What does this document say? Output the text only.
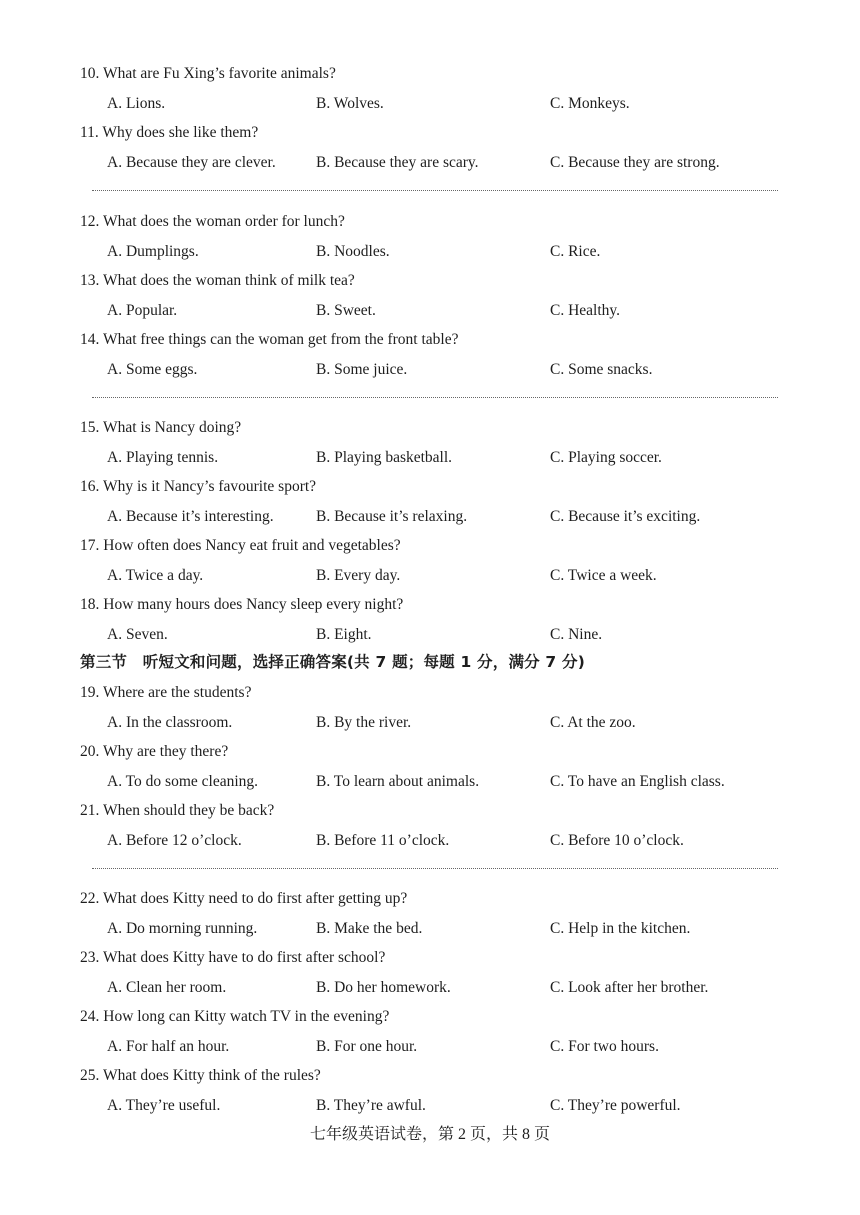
10. What are Fu Xing’s favorite animals?
A. Lions.	B. Wolves.	C. Monkeys.
11. Why does she like them?
A. Because they are clever.	B. Because they are scary.	C. Because they are strong.
12. What does the woman order for lunch?
A. Dumplings.	B. Noodles.	C. Rice.
13. What does the woman think of milk tea?
A. Popular.	B. Sweet.	C. Healthy.
14. What free things can the woman get from the front table?
A. Some eggs.	B. Some juice.	C. Some snacks.
15. What is Nancy doing?
A. Playing tennis.	B. Playing basketball.	C. Playing soccer.
16. Why is it Nancy’s favourite sport?
A. Because it’s interesting.	B. Because it’s relaxing.	C. Because it’s exciting.
17. How often does Nancy eat fruit and vegetables?
A. Twice a day.	B. Every day.	C. Twice a week.
18. How many hours does Nancy sleep every night?
A. Seven.	B. Eight.	C. Nine.
第三节　听短文和问题，选择正确答案(共 7 题；每题 1 分，满分 7 分)
19. Where are the students?
A. In the classroom.	B. By the river.	C. At the zoo.
20. Why are they there?
A. To do some cleaning.	B. To learn about animals.	C. To have an English class.
21. When should they be back?
A. Before 12 o’clock.	B. Before 11 o’clock.	C. Before 10 o’clock.
22. What does Kitty need to do first after getting up?
A. Do morning running.	B. Make the bed.	C. Help in the kitchen.
23. What does Kitty have to do first after school?
A. Clean her room.	B. Do her homework.	C. Look after her brother.
24. How long can Kitty watch TV in the evening?
A. For half an hour.	B. For one hour.	C. For two hours.
25. What does Kitty think of the rules?
A. They’re useful.	B. They’re awful.	C. They’re powerful.
七年级英语试卷，第 2 页，共 8 页
